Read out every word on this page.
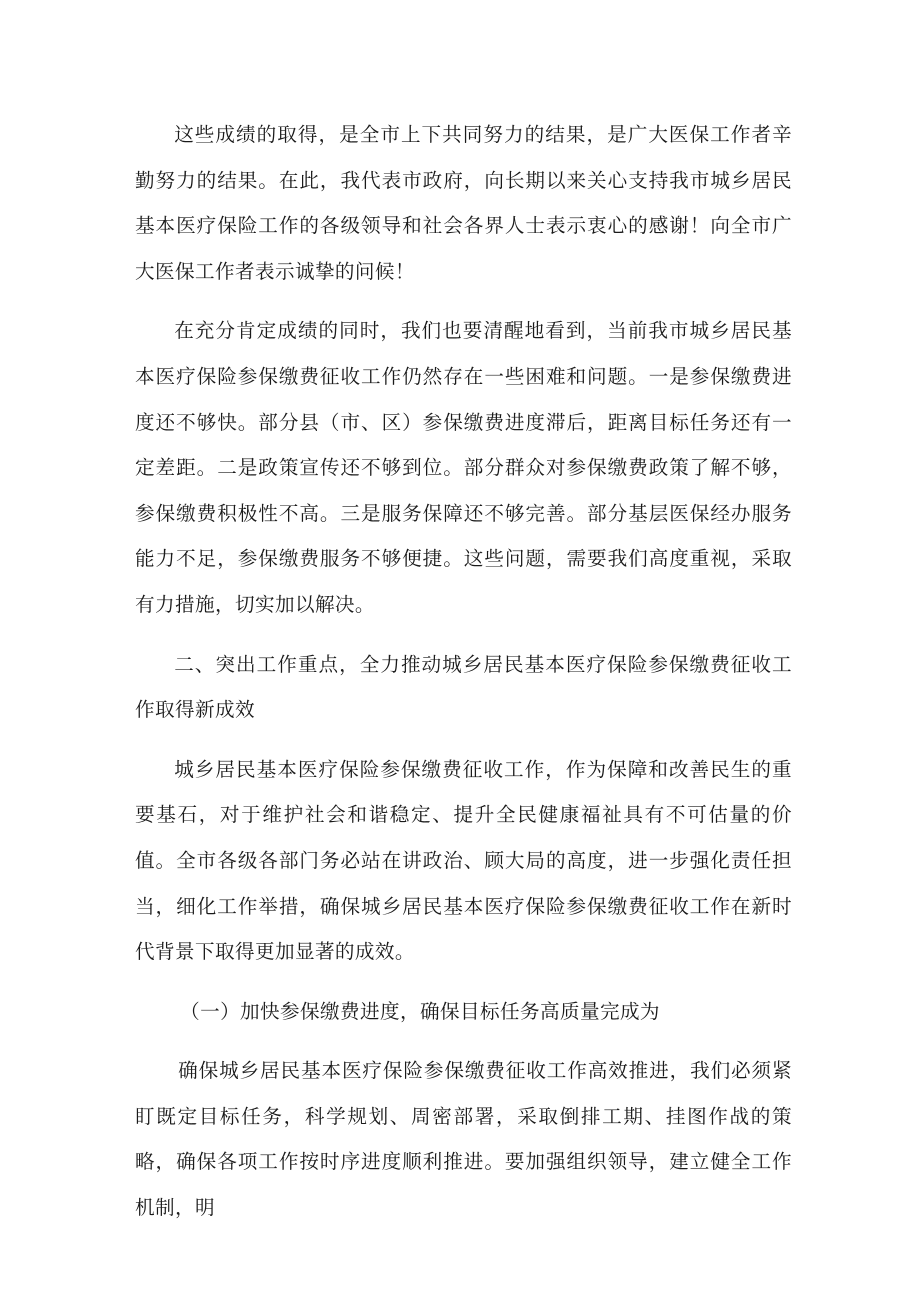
这些成绩的取得，是全市上下共同努力的结果，是广大医保工作者辛勤努力的结果。在此，我代表市政府，向长期以来关心支持我市城乡居民基本医疗保险工作的各级领导和社会各界人士表示衷心的感谢！向全市广大医保工作者表示诚挚的问候！

在充分肯定成绩的同时，我们也要清醒地看到，当前我市城乡居民基本医疗保险参保缴费征收工作仍然存在一些困难和问题。一是参保缴费进度还不够快。部分县（市、区）参保缴费进度滞后，距离目标任务还有一定差距。二是政策宣传还不够到位。部分群众对参保缴费政策了解不够，参保缴费积极性不高。三是服务保障还不够完善。部分基层医保经办服务能力不足，参保缴费服务不够便捷。这些问题，需要我们高度重视，采取有力措施，切实加以解决。

二、突出工作重点，全力推动城乡居民基本医疗保险参保缴费征收工作取得新成效

城乡居民基本医疗保险参保缴费征收工作，作为保障和改善民生的重要基石，对于维护社会和谐稳定、提升全民健康福祉具有不可估量的价值。全市各级各部门务必站在讲政治、顾大局的高度，进一步强化责任担当，细化工作举措，确保城乡居民基本医疗保险参保缴费征收工作在新时代背景下取得更加显著的成效。

（一）加快参保缴费进度，确保目标任务高质量完成为

确保城乡居民基本医疗保险参保缴费征收工作高效推进，我们必须紧盯既定目标任务，科学规划、周密部署，采取倒排工期、挂图作战的策略，确保各项工作按时序进度顺利推进。要加强组织领导，建立健全工作机制，明
